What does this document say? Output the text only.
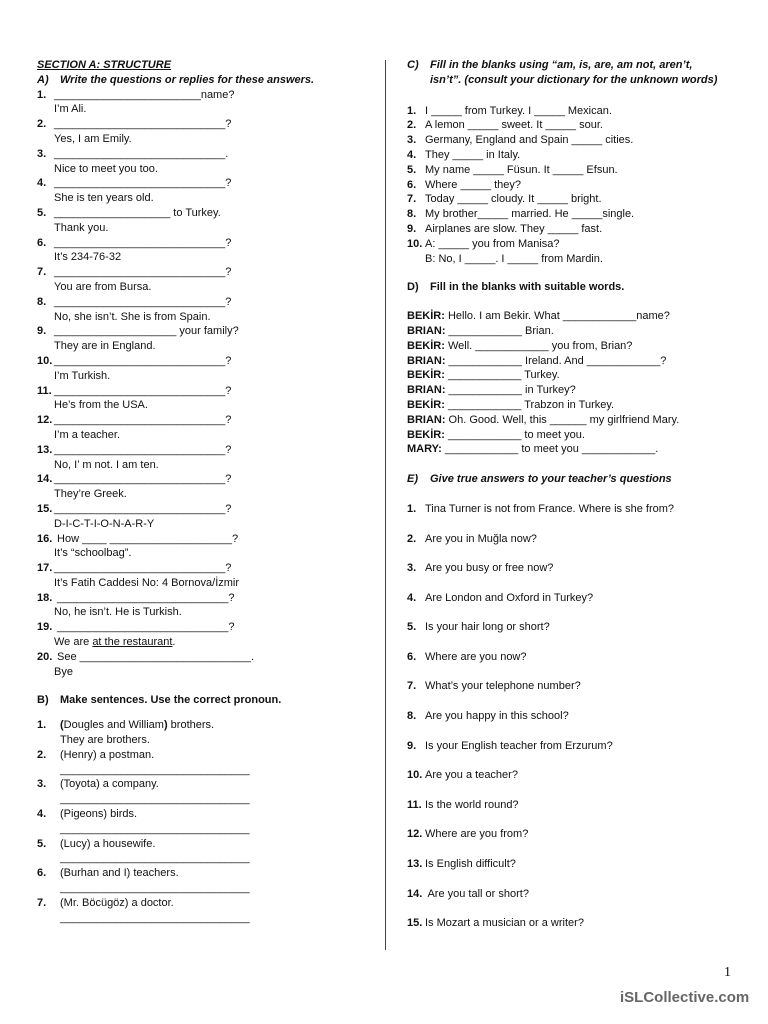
SECTION A: STRUCTURE
A) Write the questions or replies for these answers.
1. ________________________name?
I’m Ali.
2. ____________________________?
Yes, I am Emily.
3. ____________________________.
Nice to meet you too.
4. ____________________________?
She is ten years old.
5. ___________________ to Turkey.
Thank you.
6. ____________________________?
It’s 234-76-32
7. ____________________________?
You are from Bursa.
8. ____________________________?
No, she isn’t. She is from Spain.
9. ____________________ your family?
They are in England.
10. ____________________________?
I’m Turkish.
11. ____________________________?
He’s from the USA.
12. ____________________________?
I’m a teacher.
13. ____________________________?
No, I’ m not. I am ten.
14. ____________________________?
They’re Greek.
15. ____________________________?
D-I-C-T-I-O-N-A-R-Y
16. How ____ ____________________?
It’s “schoolbag”.
17. ____________________________?
It’s Fatih Caddesi No: 4 Bornova/İzmir
18. ____________________________?
No, he isn’t. He is Turkish.
19. ____________________________?
We are at the restaurant.
20. See ____________________________.
Bye
B) Make sentences. Use the correct pronoun.
1. (Dougles and William) brothers.
They are brothers.
2. (Henry) a postman.
_______________________________
3. (Toyota) a company.
_______________________________
4. (Pigeons) birds.
_______________________________
5. (Lucy) a housewife.
_______________________________
6. (Burhan and I) teachers.
_______________________________
7. (Mr. Böcügöz) a doctor.
_______________________________
C) Fill in the blanks using “am, is, are, am not, aren’t,
isn’t”. (consult your dictionary for the unknown words)
1. I _____ from Turkey. I _____ Mexican.
2. A lemon _____ sweet. It _____ sour.
3. Germany, England and Spain _____ cities.
4. They _____ in Italy.
5. My name _____ Füsun. It _____ Efsun.
6. Where _____ they?
7. Today _____ cloudy. It _____ bright.
8. My brother_____ married. He _____single.
9. Airplanes are slow. They _____ fast.
10. A: _____ you from Manisa?
B: No, I _____. I _____ from Mardin.
D) Fill in the blanks with suitable words.
BEKİR: Hello. I am Bekir. What ____________name?
BRIAN: ____________ Brian.
BEKİR: Well. ____________ you from, Brian?
BRIAN: ____________ Ireland. And ____________?
BEKİR: ____________ Turkey.
BRIAN: ____________ in Turkey?
BEKİR: ____________ Trabzon in Turkey.
BRIAN: Oh. Good. Well, this ______ my girlfriend Mary.
BEKİR: ____________ to meet you.
MARY: ____________ to meet you ____________.
E) Give true answers to your teacher’s questions
1. Tina Turner is not from France. Where is she from?
2. Are you in Muğla now?
3. Are you busy or free now?
4. Are London and Oxford in Turkey?
5. Is your hair long or short?
6. Where are you now?
7. What’s your telephone number?
8. Are you happy in this school?
9. Is your English teacher from Erzurum?
10. Are you a teacher?
11. Is the world round?
12. Where are you from?
13. Is English difficult?
14. Are you tall or short?
15. Is Mozart a musician or a writer?
1
iSLCollective.com
